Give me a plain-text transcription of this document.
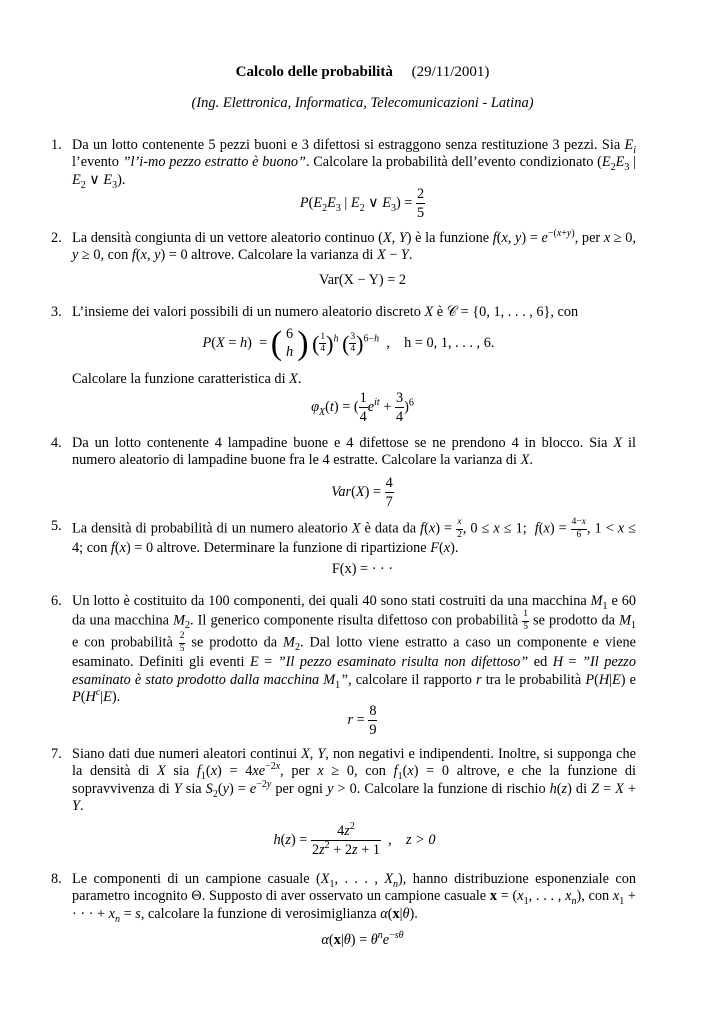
Calcolo delle probabilità (29/11/2001)
(Ing. Elettronica, Informatica, Telecomunicazioni - Latina)
1. Da un lotto contenente 5 pezzi buoni e 3 difettosi si estraggono senza restituzione 3 pezzi. Sia $E_i$ l’evento ”l’i-mo pezzo estratto è buono”. Calcolare la probabilità dell’evento condizionato ($E_2E_3$ | $E_2$ ∨ $E_3$).
$P(E_2E_3$ | $E_2$ ∨ $E_3) = \frac{2}{5}$
2. La densità congiunta di un vettore aleatorio continuo (X, Y) è la funzione f(x, $y) = e^{-(x+y)}$, per x ≥ 0, y ≥ 0, con f(x, y) = 0 altrove. Calcolare la varianza di X − Y.
Var(X − Y) = 2
3. L’insieme dei valori possibili di un numero aleatorio discreto X è 𝒞 = {0, 1, . . . , 6}, con
P(X = h)  = ( 6
h ) ( $\frac{1}{4} )^h$ ( $\frac{3}{4} )^{6-h}$  ,    h = 0, 1, . . . , 6.
Calcolare la funzione caratteristica di X.
$\varphi_X(t)$ = ( $\frac{1}{4} e^{it} + \frac{3}{4} )^6$
4. Da un lotto contenente 4 lampadine buone e 4 difettose se ne prendono 4 in blocco. Sia X il numero aleatorio di lampadine buone fra le 4 estratte. Calcolare la varianza di X.
$Var(X) = \frac{4}{7}$
5. La densità di probabilità di un numero aleatorio X è data da $f(x) = \frac{x}{2}$ , 0 ≤ x ≤ 1;  $f(x) = \frac{4-x}{6}$ , 1 < x ≤ 4; con f(x) = 0 altrove. Determinare la funzione di ripartizione F(x).
F(x) = · · ·
6. Un lotto è costituito da 100 componenti, dei quali 40 sono stati costruiti da una macchina $M_1$ e 60 da una macchina $M_2$. Il generico componente risulta difettoso con probabilità $\frac{1}{5}$ se prodotto da $M_1$ e con probabilità $\frac{2}{5}$ se prodotto da $M_2$. Dal lotto viene estratto a caso un componente e viene esaminato. Definiti gli eventi E = ”Il pezzo esaminato risulta non difettoso” ed H = ”Il pezzo esaminato è stato prodotto dalla macchina $M_1$”, calcolare il rapporto r tra le probabilità P(H|E) e $P(H^c|E)$.
$r = \frac{8}{9}$
7. Siano dati due numeri aleatori continui X, Y, non negativi e indipendenti. Inoltre, si supponga che la densità di X sia $f_1(x) = 4xe^{-2x}$, per x ≥ 0, con $f_1(x) = 0$ altrove, e che la funzione di sopravvivenza di Y sia $S_2(y) = e^{-2y}$ per ogni y > 0. Calcolare la funzione di rischio h(z) di Z = X + Y.
$h(z) = \frac{4z^2}{2z^2 + 2z + 1}$ ,    z > 0
8. Le componenti di un campione casuale ($X_1$, . . . , $X_n$), hanno distribuzione esponenziale con parametro incognito Θ. Supposto di aver osservato un campione casuale $x = (x_1$, . . . , $x_n$), con $x_1$ + · · · + $x_n = s$, calcolare la funzione di verosimiglianza α(x|θ).
$\alpha(x|\theta) = \theta^ne^{-s\theta}$
